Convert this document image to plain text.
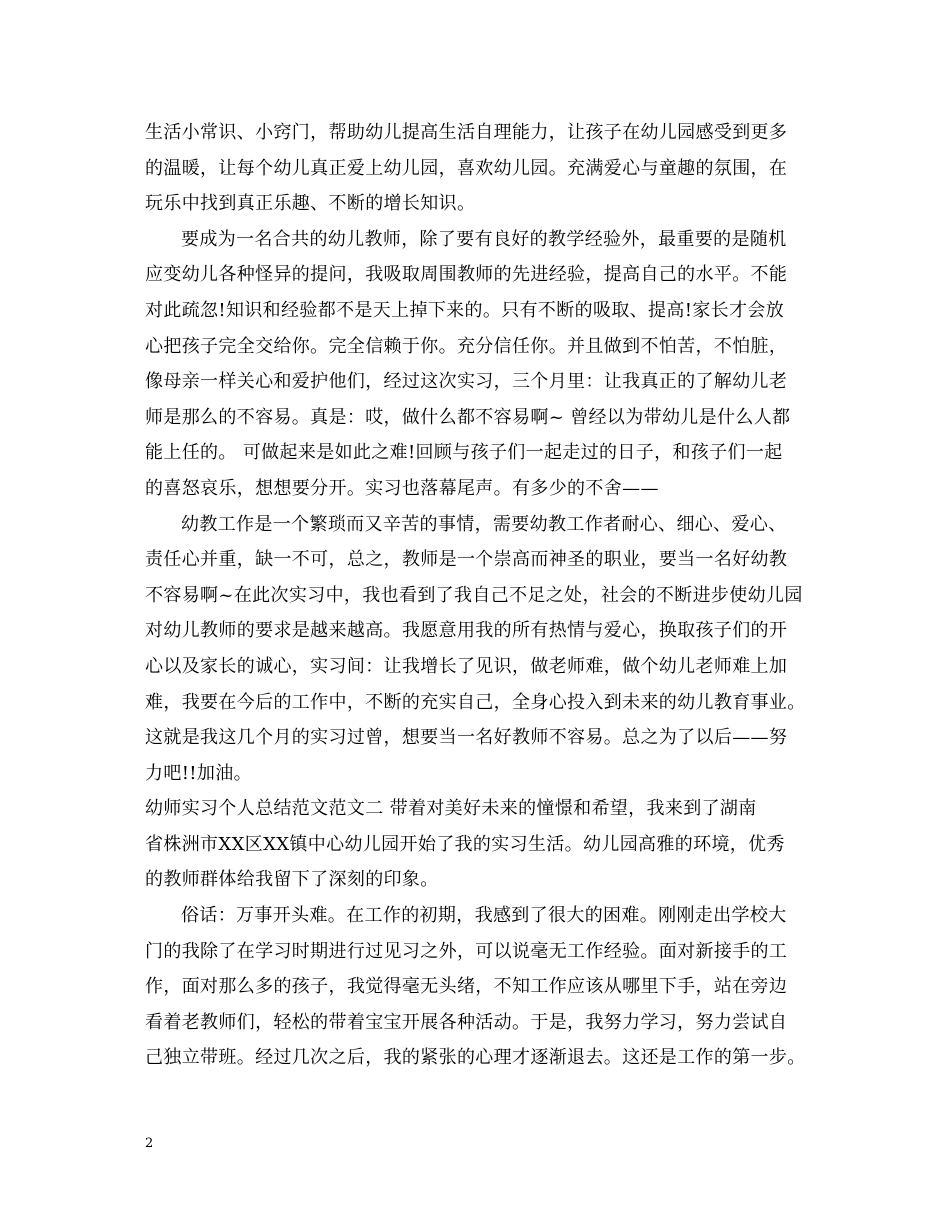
生活小常识、小窍门，帮助幼儿提高生活自理能力，让孩子在幼儿园感受到更多
的温暖，让每个幼儿真正爱上幼儿园，喜欢幼儿园。充满爱心与童趣的氛围，在
玩乐中找到真正乐趣、不断的增长知识。
要成为一名合共的幼儿教师，除了要有良好的教学经验外，最重要的是随机
应变幼儿各种怪异的提问，我吸取周围教师的先进经验，提高自己的水平。不能
对此疏忽!知识和经验都不是天上掉下来的。只有不断的吸取、提高!家长才会放
心把孩子完全交给你。完全信赖于你。充分信任你。并且做到不怕苦，不怕脏，
像母亲一样关心和爱护他们，经过这次实习，三个月里：让我真正的了解幼儿老
师是那么的不容易。真是：哎，做什么都不容易啊~ 曾经以为带幼儿是什么人都
能上任的。 可做起来是如此之难!回顾与孩子们一起走过的日子，和孩子们一起
的喜怒哀乐，想想要分开。实习也落幕尾声。有多少的不舍——
幼教工作是一个繁琐而又辛苦的事情，需要幼教工作者耐心、细心、爱心、
责任心并重，缺一不可，总之，教师是一个崇高而神圣的职业，要当一名好幼教
不容易啊~在此次实习中，我也看到了我自己不足之处，社会的不断进步使幼儿园
对幼儿教师的要求是越来越高。我愿意用我的所有热情与爱心，换取孩子们的开
心以及家长的诚心，实习间：让我增长了见识，做老师难，做个幼儿老师难上加
难，我要在今后的工作中，不断的充实自己，全身心投入到未来的幼儿教育事业。
这就是我这几个月的实习过曾，想要当一名好教师不容易。总之为了以后——努
力吧!!加油。
幼师实习个人总结范文范文二 带着对美好未来的憧憬和希望，我来到了湖南
省株洲市XX区XX镇中心幼儿园开始了我的实习生活。幼儿园高雅的环境，优秀
的教师群体给我留下了深刻的印象。
俗话：万事开头难。在工作的初期，我感到了很大的困难。刚刚走出学校大
门的我除了在学习时期进行过见习之外，可以说毫无工作经验。面对新接手的工
作，面对那么多的孩子，我觉得毫无头绪，不知工作应该从哪里下手，站在旁边
看着老教师们，轻松的带着宝宝开展各种活动。于是，我努力学习，努力尝试自
己独立带班。经过几次之后，我的紧张的心理才逐渐退去。这还是工作的第一步。
2
